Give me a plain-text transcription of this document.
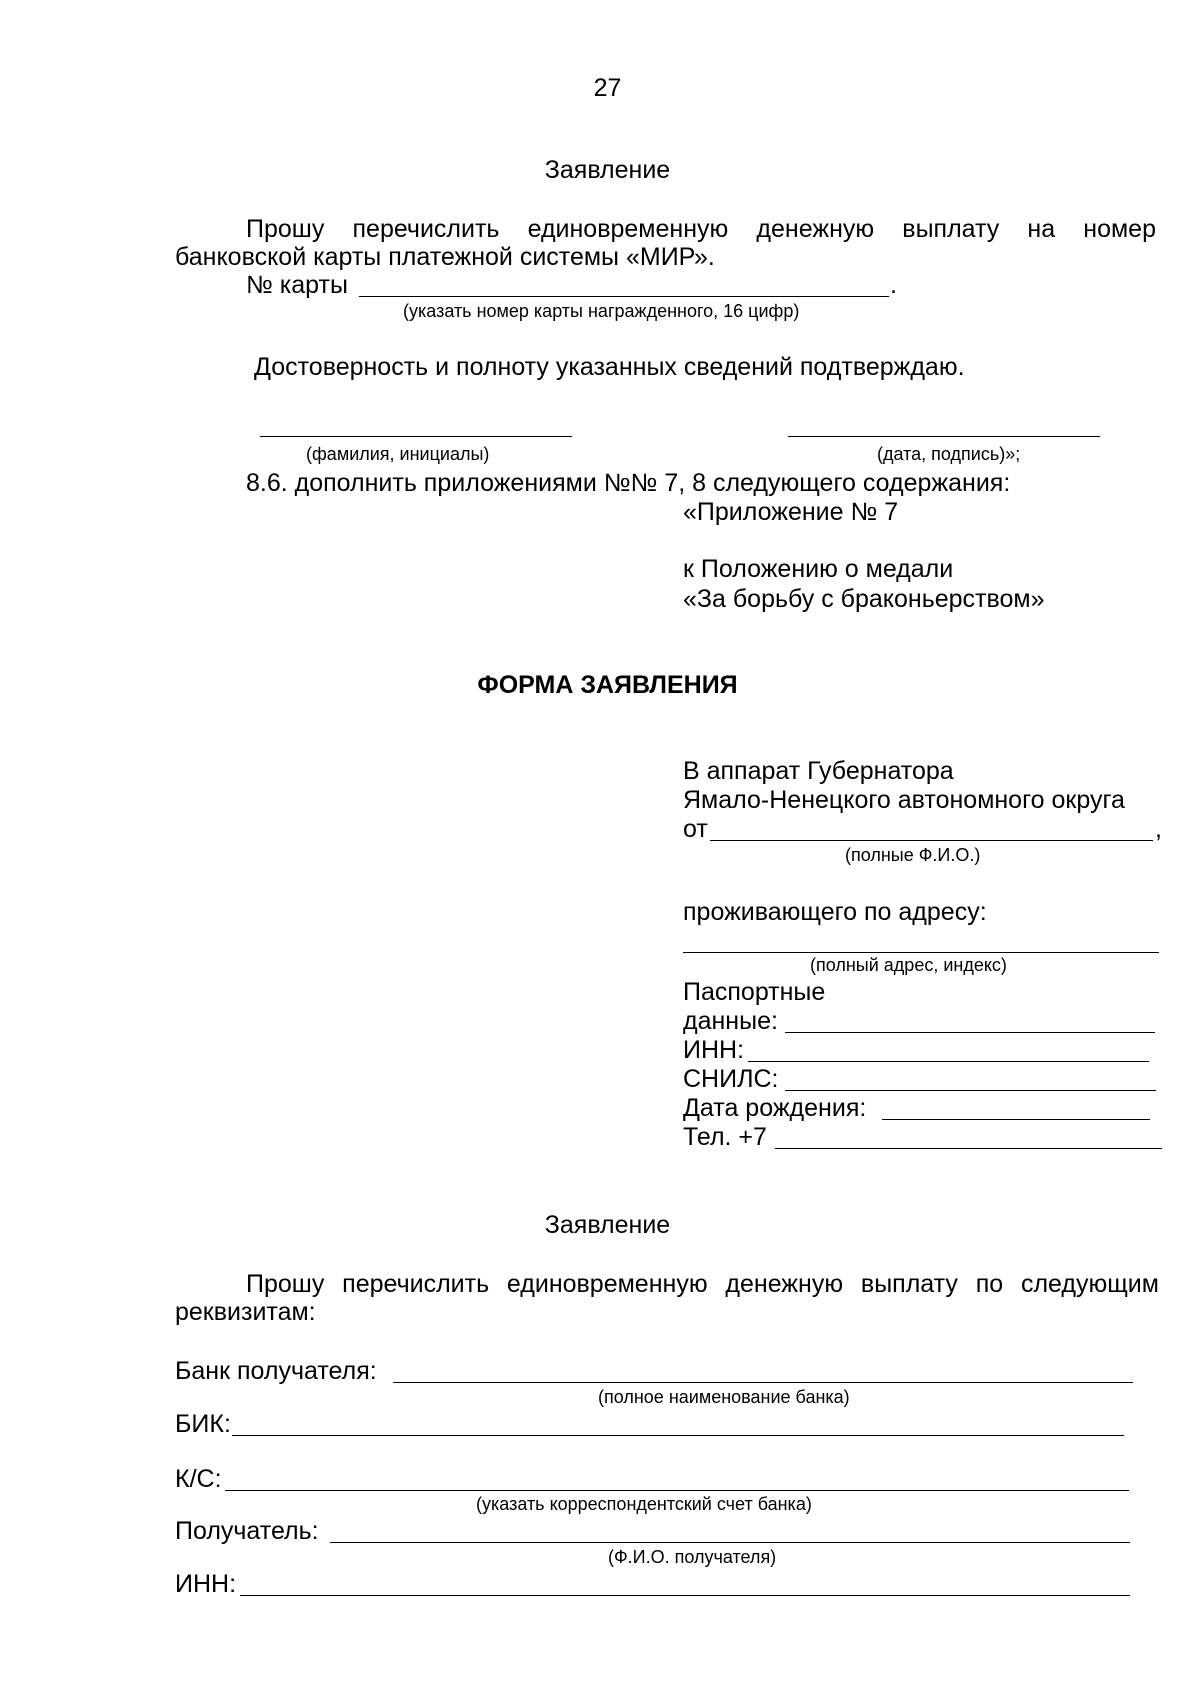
27
Заявление
Прошу перечислить единовременную денежную выплату на номер
банковской карты платежной системы «МИР».
№ карты	.
(указать номер карты награжденного, 16 цифр)
Достоверность и полноту указанных сведений подтверждаю.
(фамилия, инициалы)	(дата, подпись)»;
8.6. дополнить приложениями №№ 7, 8 следующего содержания:
«Приложение № 7
к Положению о медали
«За борьбу с браконьерством»
ФОРМА ЗАЯВЛЕНИЯ
В аппарат Губернатора
Ямало-Ненецкого автономного округа
от	,
(полные Ф.И.О.)
проживающего по адресу:
(полный адрес, индекс)
Паспортные
данные:
ИНН:
СНИЛС:
Дата рождения:
Тел. +7
Заявление
Прошу перечислить единовременную денежную выплату по следующим
реквизитам:
Банк получателя:
(полное наименование банка)
БИК:
К/С:
(указать корреспондентский счет банка)
Получатель:
(Ф.И.О. получателя)
ИНН:
